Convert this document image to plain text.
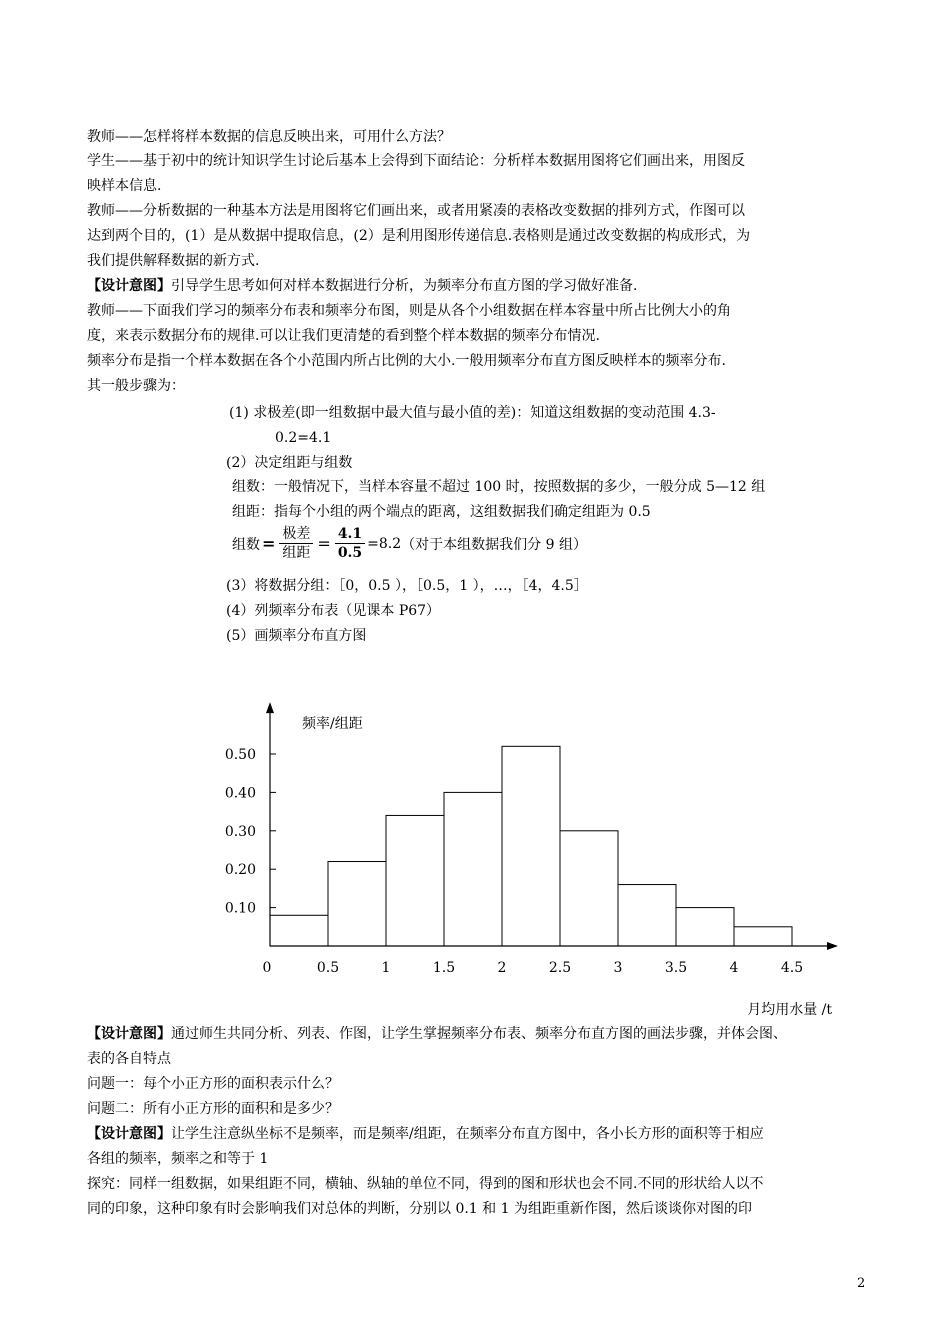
教师——怎样将样本数据的信息反映出来，可用什么方法？
学生——基于初中的统计知识学生讨论后基本上会得到下面结论：分析样本数据用图将它们画出来，用图反
映样本信息.
教师——分析数据的一种基本方法是用图将它们画出来，或者用紧凑的表格改变数据的排列方式，作图可以
达到两个目的，(1）是从数据中提取信息，(2）是利用图形传递信息.表格则是通过改变数据的构成形式，为
我们提供解释数据的新方式.
【设计意图】引导学生思考如何对样本数据进行分析，为频率分布直方图的学习做好准备.
教师——下面我们学习的频率分布表和频率分布图，则是从各个小组数据在样本容量中所占比例大小的角
度，来表示数据分布的规律.可以让我们更清楚的看到整个样本数据的频率分布情况.
频率分布是指一个样本数据在各个小范围内所占比例的大小.一般用频率分布直方图反映样本的频率分布.
其一般步骤为：
(1) 求极差(即一组数据中最大值与最小值的差)：知道这组数据的变动范围 4.3-
0.2=4.1
(2）决定组距与组数
组数：一般情况下，当样本容量不超过 100 时，按照数据的多少，一般分成 5—12 组
组距：指每个小组的两个端点的距离，这组数据我们确定组距为 0.5
组数 = $\frac{\text{极差}}{\text{组距}} = \frac{4.1}{0.5} =8.2$ （对于本组数据我们分 9 组）
(3）将数据分组：［0，0.5 ），［0.5，1 ），…，［4，4.5］
(4）列频率分布表（见课本 P67）
(5）画频率分布直方图
0.10
0.20
0.30
0.40
0.50
0	0.5	1	1.5	2	2.5	3	3.5	4	4.5
频率/组距
月均用水量 /t
【设计意图】通过师生共同分析、列表、作图，让学生掌握频率分布表、频率分布直方图的画法步骤，并体会图、
表的各自特点
问题一：每个小正方形的面积表示什么？
问题二：所有小正方形的面积和是多少？
【设计意图】让学生注意纵坐标不是频率，而是频率/组距，在频率分布直方图中，各小长方形的面积等于相应
各组的频率，频率之和等于 1
探究：同样一组数据，如果组距不同，横轴、纵轴的单位不同，得到的图和形状也会不同.不同的形状给人以不
同的印象，这种印象有时会影响我们对总体的判断，分别以 0.1 和 1 为组距重新作图，然后谈谈你对图的印
2
